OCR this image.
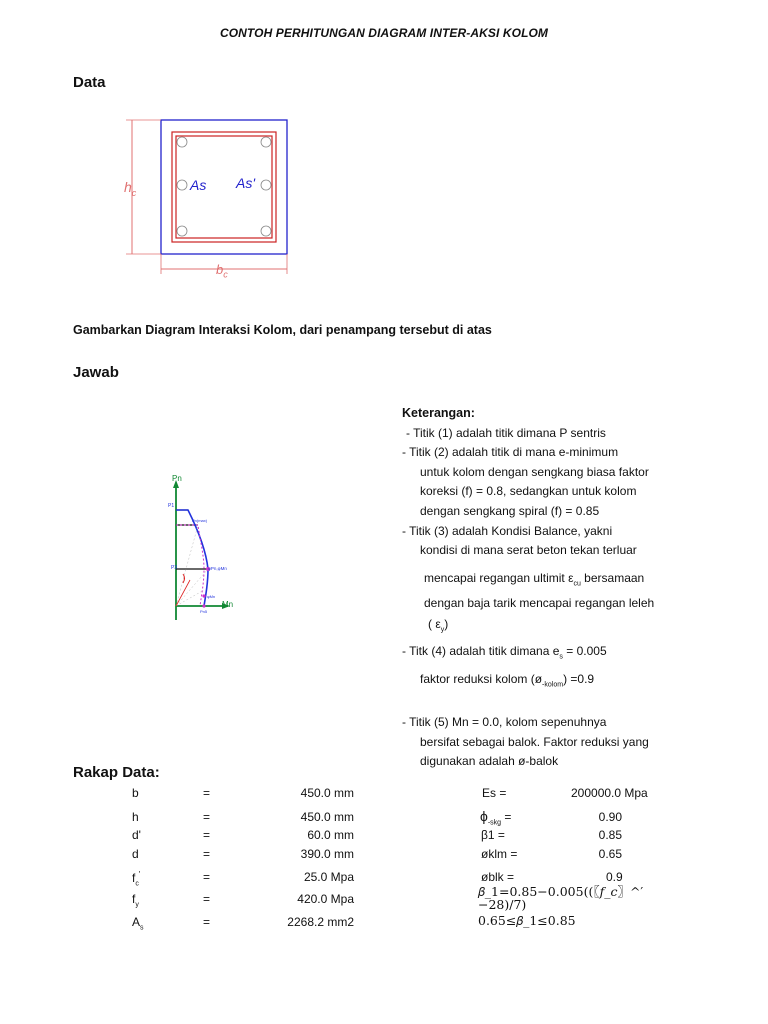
CONTOH PERHITUNGAN DIAGRAM INTER-AKSI KOLOM
Data
$h_c$
$b_c$
As As'
Gambarkan Diagram Interaksi Kolom, dari penampang tersebut di atas
Jawab
Pn
Mn
P1
Pn(max)
P3	φPn,φMn
φMn
Pn5
Keterangan:
- Titik (1) adalah titik dimana P sentris
- Titik (2) adalah titik di mana e-minimum
untuk kolom dengan sengkang biasa faktor
koreksi (f) = 0.8, sedangkan untuk kolom
dengan sengkang spiral (f) = 0.85
- Titik (3) adalah Kondisi Balance, yakni
kondisi di mana serat beton tekan terluar
mencapai regangan ultimit $\varepsilon_{cu}$ bersamaan
dengan baja tarik mencapai regangan leleh
( $\varepsilon_y$)
- Titk (4) adalah titik dimana $e_s = 0.005$
faktor reduksi kolom $(ø_{-kolom}) =0.9$
- Titik (5) Mn = 0.0, kolom sepenuhnya
bersifat sebagai balok. Faktor reduksi yang
digunakan adalah ø-balok
Rakap Data:
b	=	450.0 mm
h	=	450.0 mm
d'	=	60.0 mm
d	=	390.0 mm
$f_c'$	=	25.0 Mpa
$f_y$	=	420.0 Mpa
$A_s$	=	2268.2 mm2
Es =	200000.0 Mpa
$\phi_{-skg}$ =	0.90
β1 =	0.85
øklm =	0.65
øblk =	0.9
𝛽_1=0.85−0.005((〖𝑓_𝑐〗^′
−28)/7)
0.65≤𝛽_1≤0.85
